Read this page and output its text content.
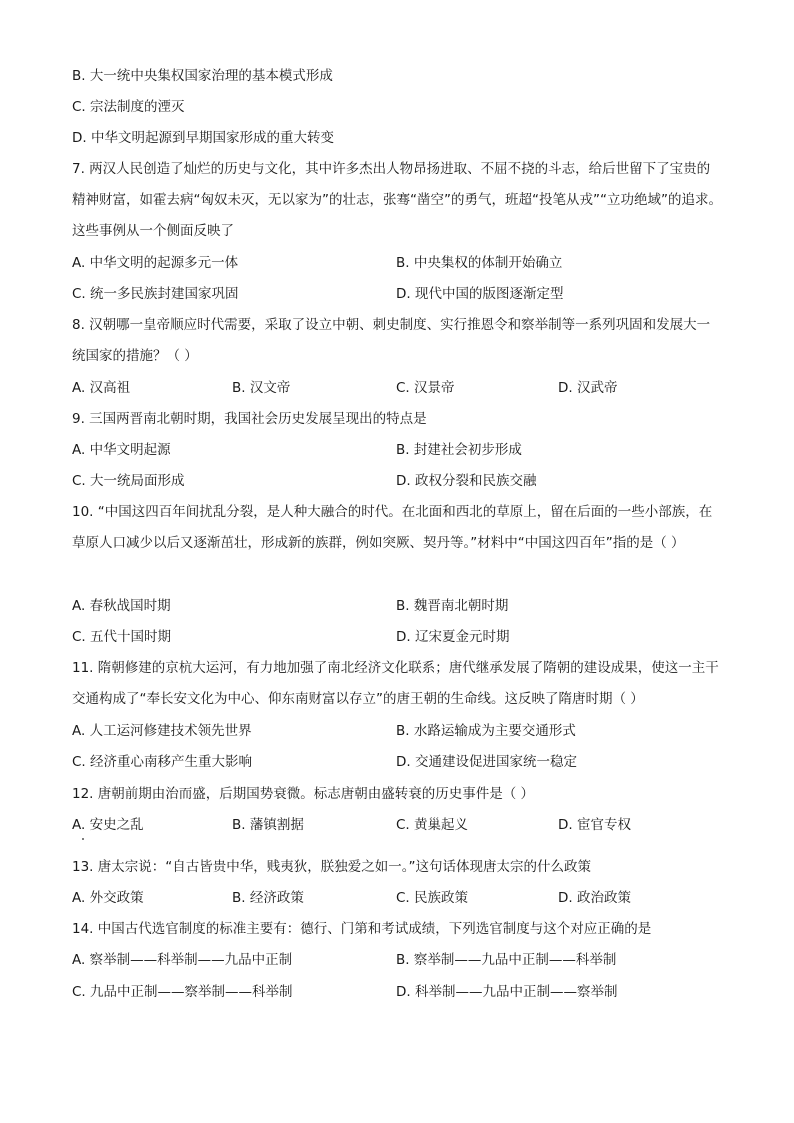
B. 大一统中央集权国家治理的基本模式形成
C. 宗法制度的湮灭
D. 中华文明起源到早期国家形成的重大转变
7. 两汉人民创造了灿烂的历史与文化，其中许多杰出人物昂扬进取、不屈不挠的斗志，给后世留下了宝贵的精神财富，如霍去病“匈奴未灭，无以家为”的壮志，张骞“凿空”的勇气，班超“投笔从戎”“立功绝域”的追求。这些事例从一个侧面反映了
A. 中华文明的起源多元一体	B. 中央集权的体制开始确立
C. 统一多民族封建国家巩固	D. 现代中国的版图逐渐定型
8. 汉朝哪一皇帝顺应时代需要，采取了设立中朝、刺史制度、实行推恩令和察举制等一系列巩固和发展大一统国家的措施？（ ）
A. 汉高祖	B. 汉文帝	C. 汉景帝	D. 汉武帝
9. 三国两晋南北朝时期，我国社会历史发展呈现出的特点是
A. 中华文明起源	B. 封建社会初步形成
C. 大一统局面形成	D. 政权分裂和民族交融
10. “中国这四百年间扰乱分裂，是人种大融合的时代。在北面和西北的草原上，留在后面的一些小部族，在草原人口减少以后又逐渐茁壮，形成新的族群，例如突厥、契丹等。”材料中“中国这四百年”指的是（ ）
A. 春秋战国时期	B. 魏晋南北朝时期
C. 五代十国时期	D. 辽宋夏金元时期
11. 隋朝修建的京杭大运河，有力地加强了南北经济文化联系；唐代继承发展了隋朝的建设成果，使这一主干交通构成了“奉长安文化为中心、仰东南财富以存立”的唐王朝的生命线。这反映了隋唐时期（ ）
A. 人工运河修建技术领先世界	B. 水路运输成为主要交通形式
C. 经济重心南移产生重大影响	D. 交通建设促进国家统一稳定
12. 唐朝前期由治而盛，后期国势衰微。标志唐朝由盛转衰的历史事件是（ ）
A. 安史之乱	B. 藩镇割据	C. 黄巢起义	D. 宦官专权
13. 唐太宗说：“自古皆贵中华，贱夷狄，朕独爱之如一。”这句话体现唐太宗的什么政策
A. 外交政策	B. 经济政策	C. 民族政策	D. 政治政策
14. 中国古代选官制度的标准主要有：德行、门第和考试成绩，下列选官制度与这个对应正确的是
A. 察举制——科举制——九品中正制	B. 察举制——九品中正制——科举制
C. 九品中正制——察举制——科举制	D. 科举制——九品中正制——察举制
